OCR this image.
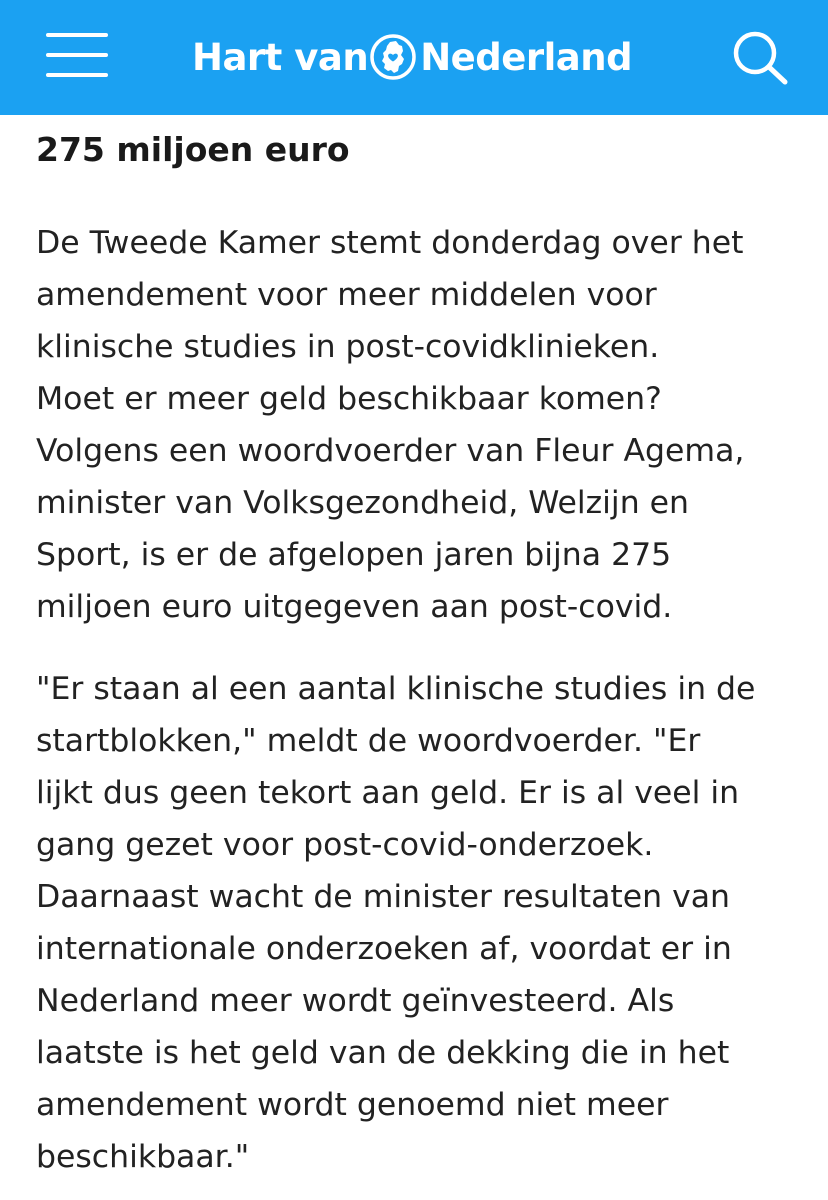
Hart van Nederland
275 miljoen euro

De Tweede Kamer stemt donderdag over het
amendement voor meer middelen voor
klinische studies in post-covidklinieken.
Moet er meer geld beschikbaar komen?
Volgens een woordvoerder van Fleur Agema,
minister van Volksgezondheid, Welzijn en
Sport, is er de afgelopen jaren bijna 275
miljoen euro uitgegeven aan post-covid.

"Er staan al een aantal klinische studies in de
startblokken," meldt de woordvoerder. "Er
lijkt dus geen tekort aan geld. Er is al veel in
gang gezet voor post-covid-onderzoek.
Daarnaast wacht de minister resultaten van
internationale onderzoeken af, voordat er in
Nederland meer wordt geïnvesteerd. Als
laatste is het geld van de dekking die in het
amendement wordt genoemd niet meer
beschikbaar."
